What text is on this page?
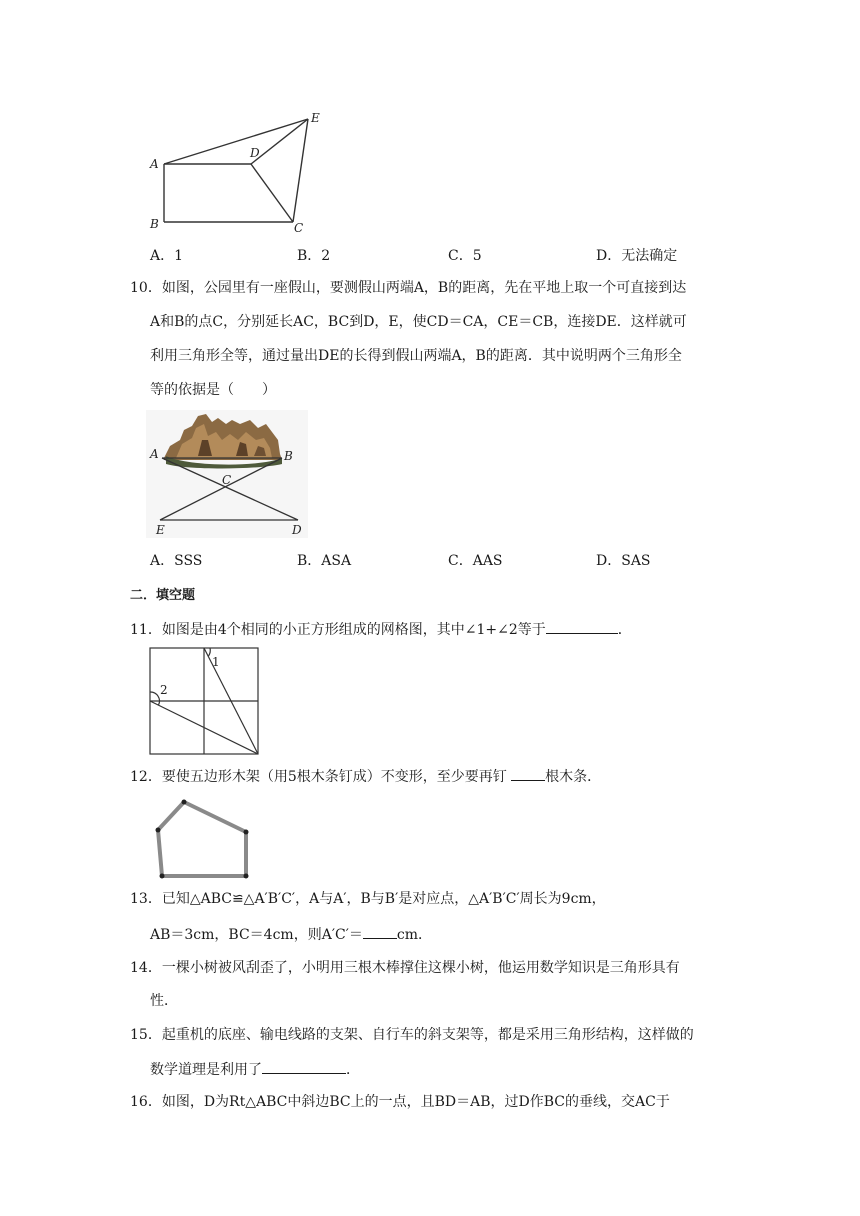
A
B	C
D
E
A．1	B．2	C．5	D．无法确定
10．如图，公园里有一座假山，要测假山两端A，B的距离，先在平地上取一个可直接到达
A和B的点C，分别延长AC，BC到D，E，使CD＝CA，CE＝CB，连接DE．这样就可
利用三角形全等，通过量出DE的长得到假山两端A，B的距离．其中说明两个三角形全
等的依据是（　　）
A	B
C
E	D
A．SSS	B．ASA	C．AAS	D．SAS
二．填空题
11．如图是由4个相同的小正方形组成的网格图，其中∠1+∠2等于	．
1
2
12．要使五边形木架（用5根木条钉成）不变形，至少要再钉 根木条．
13．已知△ABC≌△A′B′C′，A与A′，B与B′是对应点，△A′B′C′周长为9cm，
AB＝3cm，BC＝4cm，则A′C′＝ cm．
14．一棵小树被风刮歪了，小明用三根木棒撑住这棵小树，他运用数学知识是三角形具有
性．
15．起重机的底座、输电线路的支架、自行车的斜支架等，都是采用三角形结构，这样做的
数学道理是利用了	．
16．如图，D为Rt△ABC中斜边BC上的一点，且BD＝AB，过D作BC的垂线，交AC于
